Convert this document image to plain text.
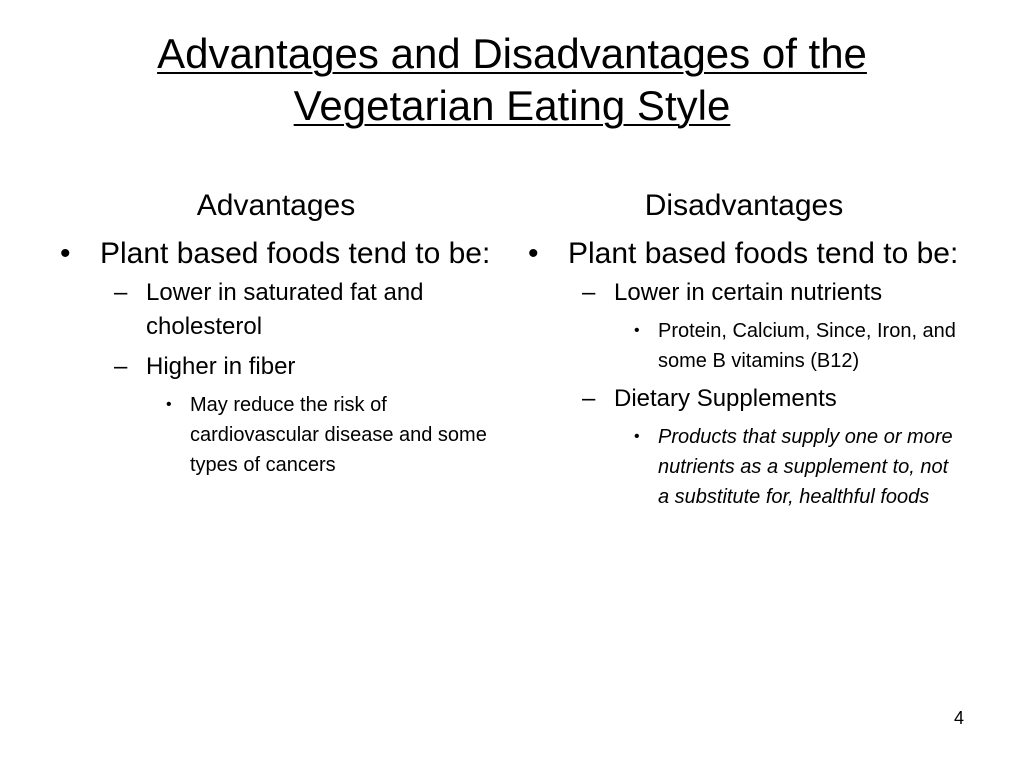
Advantages and Disadvantages of the Vegetarian Eating Style
Advantages	Disadvantages
• Plant based foods tend to be:
– Lower in saturated fat and cholesterol
– Higher in fiber
• May reduce the risk of cardiovascular disease and some types of cancers
• Plant based foods tend to be:
– Lower in certain nutrients
• Protein, Calcium, Since, Iron, and some B vitamins (B12)
– Dietary Supplements
• Products that supply one or more nutrients as a supplement to, not a substitute for, healthful foods
4
